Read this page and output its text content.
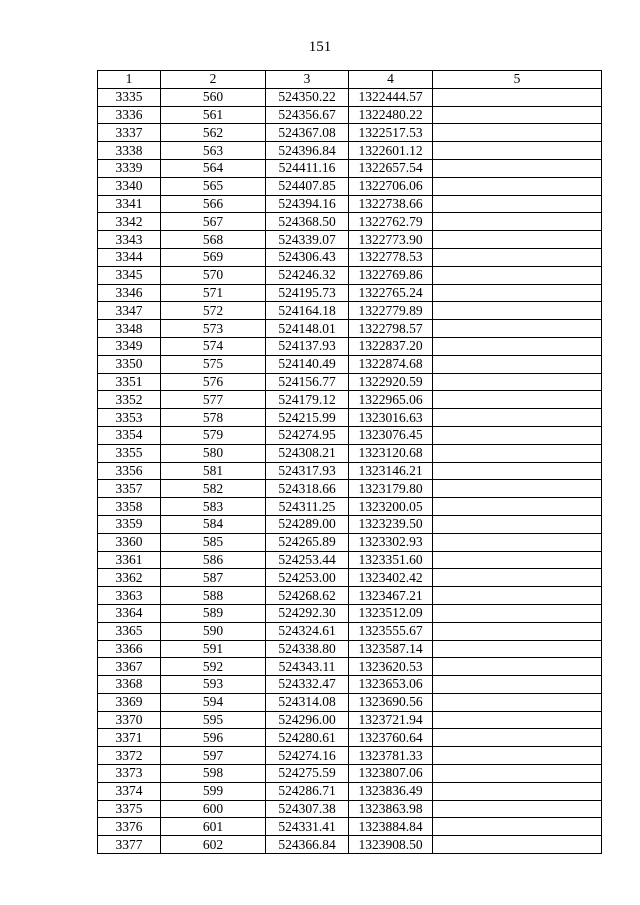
151
1	2	3	4	5
3335	560	524350.22	1322444.57	
3336	561	524356.67	1322480.22	
3337	562	524367.08	1322517.53	
3338	563	524396.84	1322601.12	
3339	564	524411.16	1322657.54	
3340	565	524407.85	1322706.06	
3341	566	524394.16	1322738.66	
3342	567	524368.50	1322762.79	
3343	568	524339.07	1322773.90	
3344	569	524306.43	1322778.53	
3345	570	524246.32	1322769.86	
3346	571	524195.73	1322765.24	
3347	572	524164.18	1322779.89	
3348	573	524148.01	1322798.57	
3349	574	524137.93	1322837.20	
3350	575	524140.49	1322874.68	
3351	576	524156.77	1322920.59	
3352	577	524179.12	1322965.06	
3353	578	524215.99	1323016.63	
3354	579	524274.95	1323076.45	
3355	580	524308.21	1323120.68	
3356	581	524317.93	1323146.21	
3357	582	524318.66	1323179.80	
3358	583	524311.25	1323200.05	
3359	584	524289.00	1323239.50	
3360	585	524265.89	1323302.93	
3361	586	524253.44	1323351.60	
3362	587	524253.00	1323402.42	
3363	588	524268.62	1323467.21	
3364	589	524292.30	1323512.09	
3365	590	524324.61	1323555.67	
3366	591	524338.80	1323587.14	
3367	592	524343.11	1323620.53	
3368	593	524332.47	1323653.06	
3369	594	524314.08	1323690.56	
3370	595	524296.00	1323721.94	
3371	596	524280.61	1323760.64	
3372	597	524274.16	1323781.33	
3373	598	524275.59	1323807.06	
3374	599	524286.71	1323836.49	
3375	600	524307.38	1323863.98	
3376	601	524331.41	1323884.84	
3377	602	524366.84	1323908.50	
